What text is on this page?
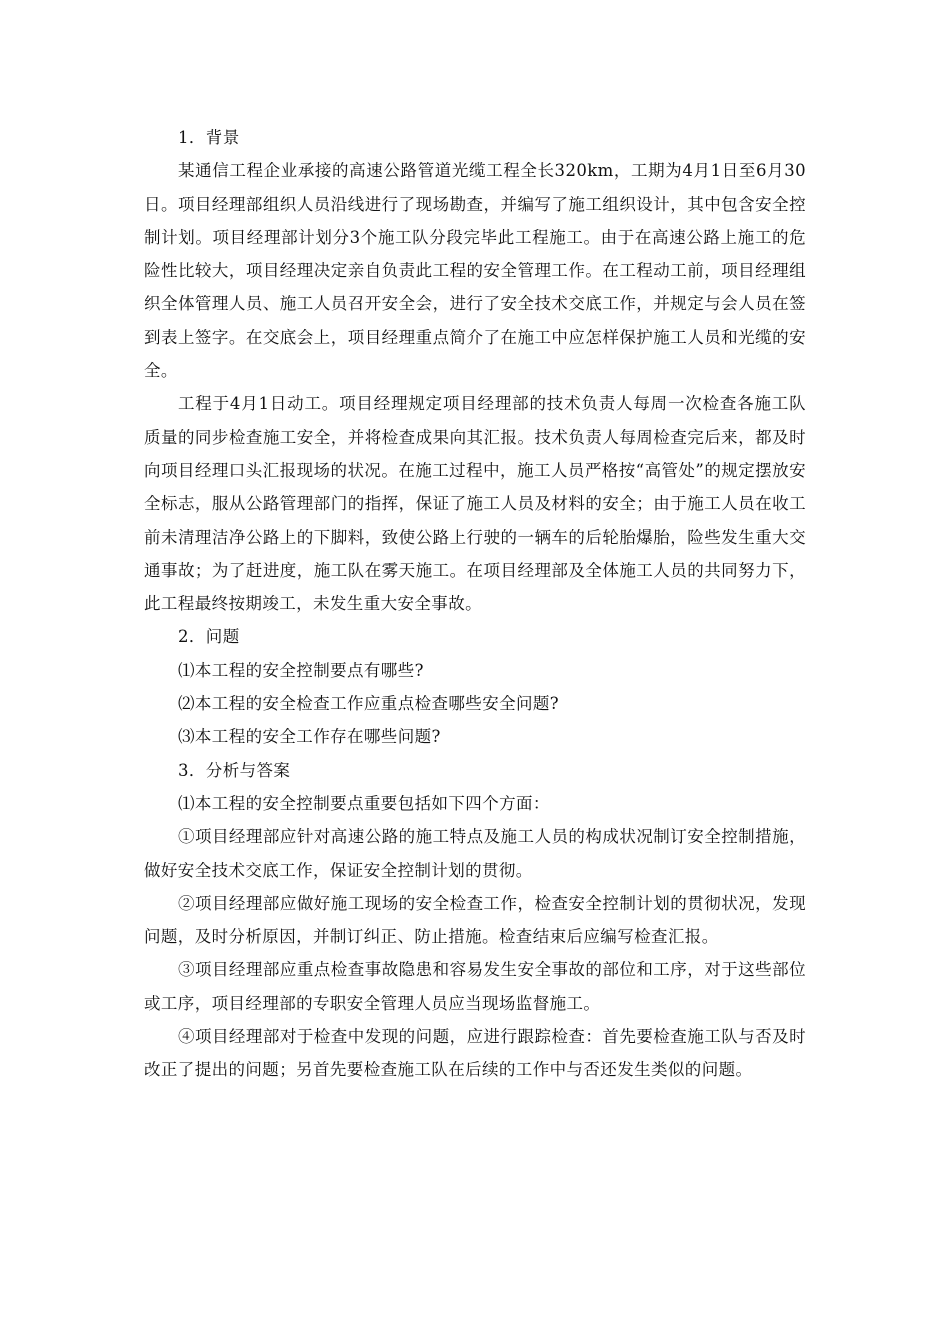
1．背景

某通信工程企业承接的高速公路管道光缆工程全长320km，工期为4月1日至6月30日。项目经理部组织人员沿线进行了现场勘查，并编写了施工组织设计，其中包含安全控制计划。项目经理部计划分3个施工队分段完毕此工程施工。由于在高速公路上施工的危险性比较大，项目经理决定亲自负责此工程的安全管理工作。在工程动工前，项目经理组织全体管理人员、施工人员召开安全会，进行了安全技术交底工作，并规定与会人员在签到表上签字。在交底会上，项目经理重点简介了在施工中应怎样保护施工人员和光缆的安全。

工程于4月1日动工。项目经理规定项目经理部的技术负责人每周一次检查各施工队质量的同步检查施工安全，并将检查成果向其汇报。技术负责人每周检查完后来，都及时向项目经理口头汇报现场的状况。在施工过程中，施工人员严格按“高管处”的规定摆放安全标志，服从公路管理部门的指挥，保证了施工人员及材料的安全；由于施工人员在收工前未清理洁净公路上的下脚料，致使公路上行驶的一辆车的后轮胎爆胎，险些发生重大交通事故；为了赶进度，施工队在雾天施工。在项目经理部及全体施工人员的共同努力下，此工程最终按期竣工，未发生重大安全事故。

2．问题

⑴本工程的安全控制要点有哪些?

⑵本工程的安全检查工作应重点检查哪些安全问题?

⑶本工程的安全工作存在哪些问题?

3．分析与答案

⑴本工程的安全控制要点重要包括如下四个方面：

①项目经理部应针对高速公路的施工特点及施工人员的构成状况制订安全控制措施，做好安全技术交底工作，保证安全控制计划的贯彻。

②项目经理部应做好施工现场的安全检查工作，检查安全控制计划的贯彻状况，发现问题，及时分析原因，并制订纠正、防止措施。检查结束后应编写检查汇报。

③项目经理部应重点检查事故隐患和容易发生安全事故的部位和工序，对于这些部位或工序，项目经理部的专职安全管理人员应当现场监督施工。

④项目经理部对于检查中发现的问题，应进行跟踪检查：首先要检查施工队与否及时改正了提出的问题；另首先要检查施工队在后续的工作中与否还发生类似的问题。
